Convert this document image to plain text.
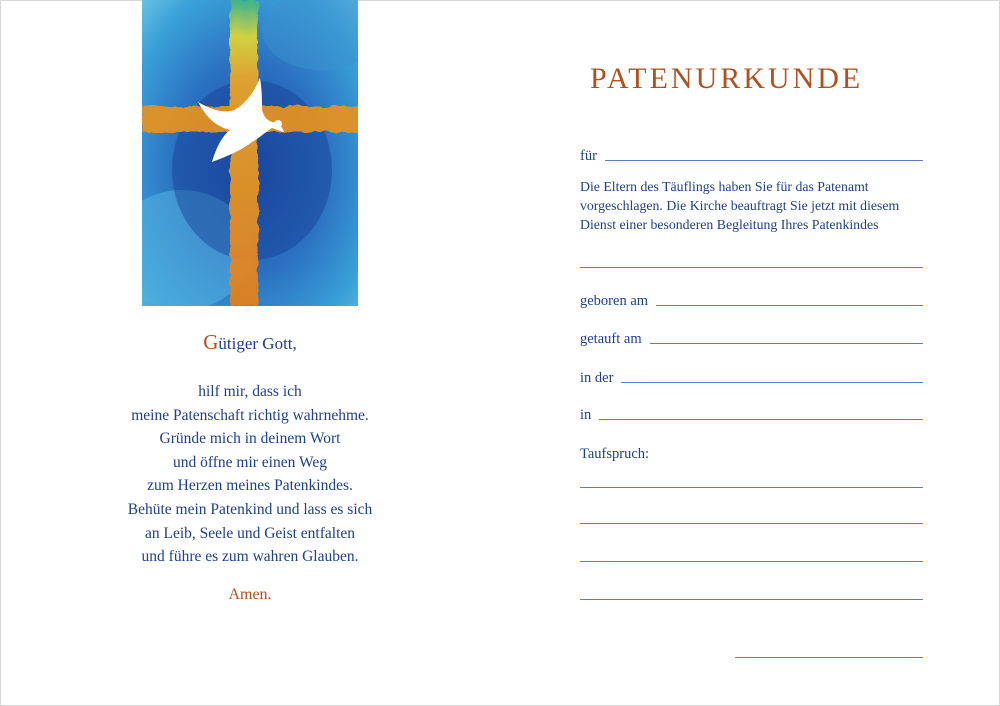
Gütiger Gott,
hilf mir, dass ich
meine Patenschaft richtig wahrnehme.
Gründe mich in deinem Wort
und öffne mir einen Weg
zum Herzen meines Patenkindes.
Behüte mein Patenkind und lass es sich
an Leib, Seele und Geist entfalten
und führe es zum wahren Glauben.
Amen.
PATENURKUNDE
für
Die Eltern des Täuflings haben Sie für das Patenamt
vorgeschlagen. Die Kirche beauftragt Sie jetzt mit diesem
Dienst einer besonderen Begleitung Ihres Patenkindes
geboren am
getauft am
in der
in
Taufspruch:
